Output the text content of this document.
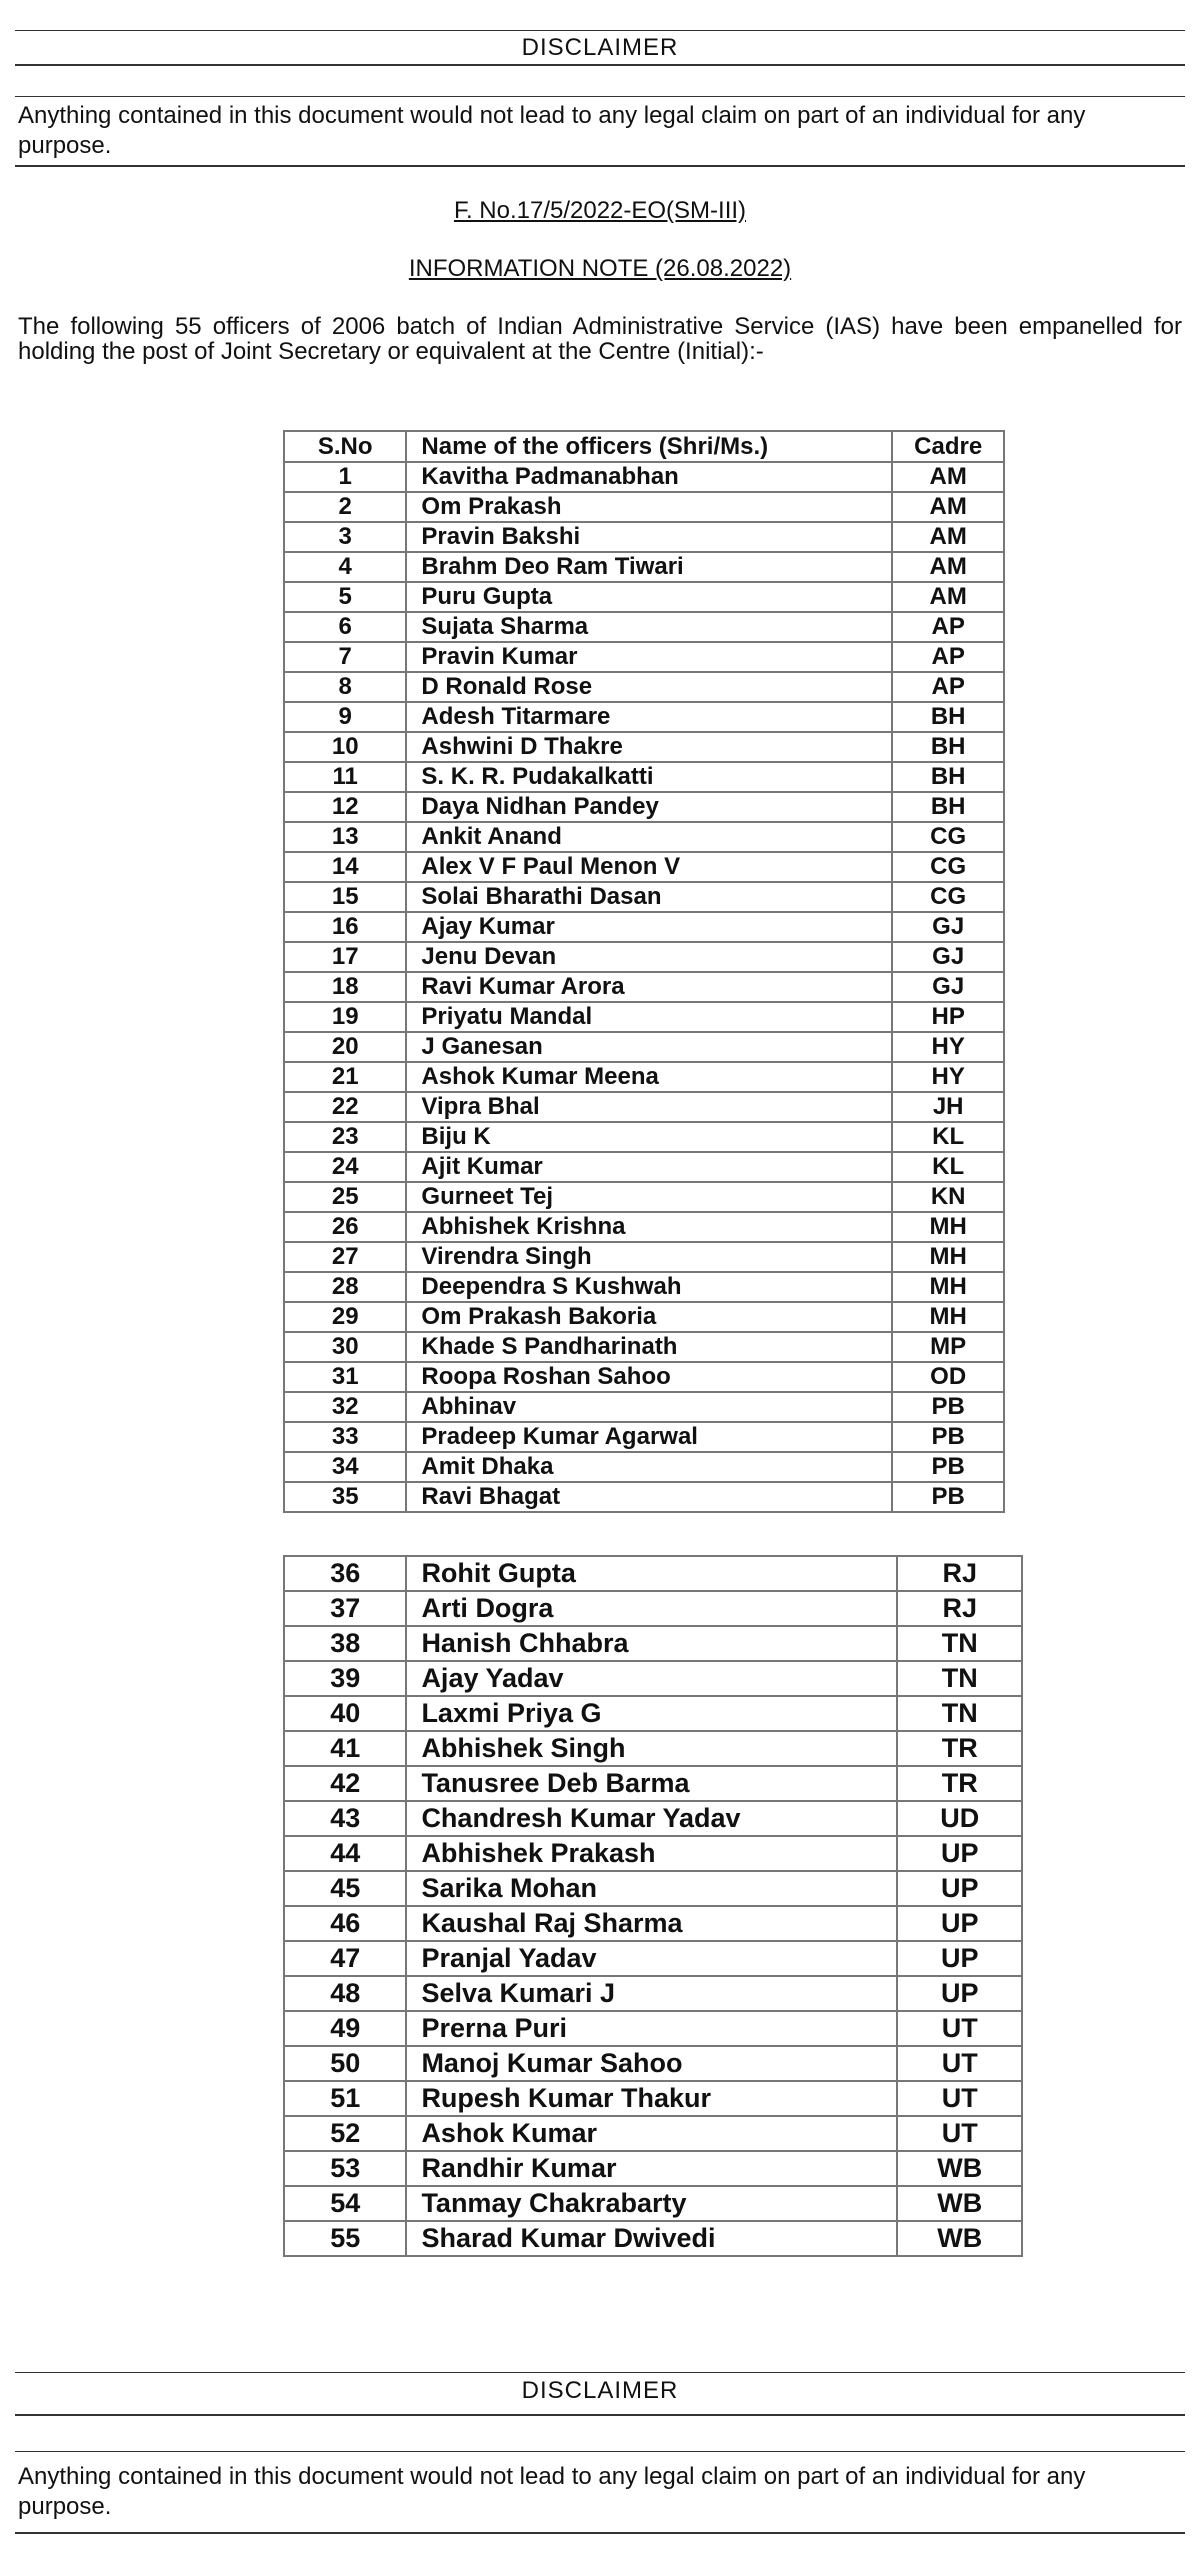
DISCLAIMER
Anything contained in this document would not lead to any legal claim on part of an individual for any purpose.
F. No.17/5/2022-EO(SM-III)
INFORMATION NOTE (26.08.2022)
The following 55 officers of 2006 batch of Indian Administrative Service (IAS) have been empanelled for holding the post of Joint Secretary or equivalent at the Centre (Initial):-
S.No	Name of the officers (Shri/Ms.)	Cadre
1	Kavitha Padmanabhan	AM
2	Om Prakash	AM
3	Pravin Bakshi	AM
4	Brahm Deo Ram Tiwari	AM
5	Puru Gupta	AM
6	Sujata Sharma	AP
7	Pravin Kumar	AP
8	D Ronald Rose	AP
9	Adesh Titarmare	BH
10	Ashwini D Thakre	BH
11	S. K. R. Pudakalkatti	BH
12	Daya Nidhan Pandey	BH
13	Ankit Anand	CG
14	Alex V F Paul Menon V	CG
15	Solai Bharathi Dasan	CG
16	Ajay Kumar	GJ
17	Jenu Devan	GJ
18	Ravi Kumar Arora	GJ
19	Priyatu Mandal	HP
20	J Ganesan	HY
21	Ashok Kumar Meena	HY
22	Vipra Bhal	JH
23	Biju K	KL
24	Ajit Kumar	KL
25	Gurneet Tej	KN
26	Abhishek Krishna	MH
27	Virendra Singh	MH
28	Deependra S Kushwah	MH
29	Om Prakash Bakoria	MH
30	Khade S Pandharinath	MP
31	Roopa Roshan Sahoo	OD
32	Abhinav	PB
33	Pradeep Kumar Agarwal	PB
34	Amit Dhaka	PB
35	Ravi Bhagat	PB
36	Rohit Gupta	RJ
37	Arti Dogra	RJ
38	Hanish Chhabra	TN
39	Ajay Yadav	TN
40	Laxmi Priya G	TN
41	Abhishek Singh	TR
42	Tanusree Deb Barma	TR
43	Chandresh Kumar Yadav	UD
44	Abhishek Prakash	UP
45	Sarika Mohan	UP
46	Kaushal Raj Sharma	UP
47	Pranjal Yadav	UP
48	Selva Kumari J	UP
49	Prerna Puri	UT
50	Manoj Kumar Sahoo	UT
51	Rupesh Kumar Thakur	UT
52	Ashok Kumar	UT
53	Randhir Kumar	WB
54	Tanmay Chakrabarty	WB
55	Sharad Kumar Dwivedi	WB
DISCLAIMER
Anything contained in this document would not lead to any legal claim on part of an individual for any purpose.
